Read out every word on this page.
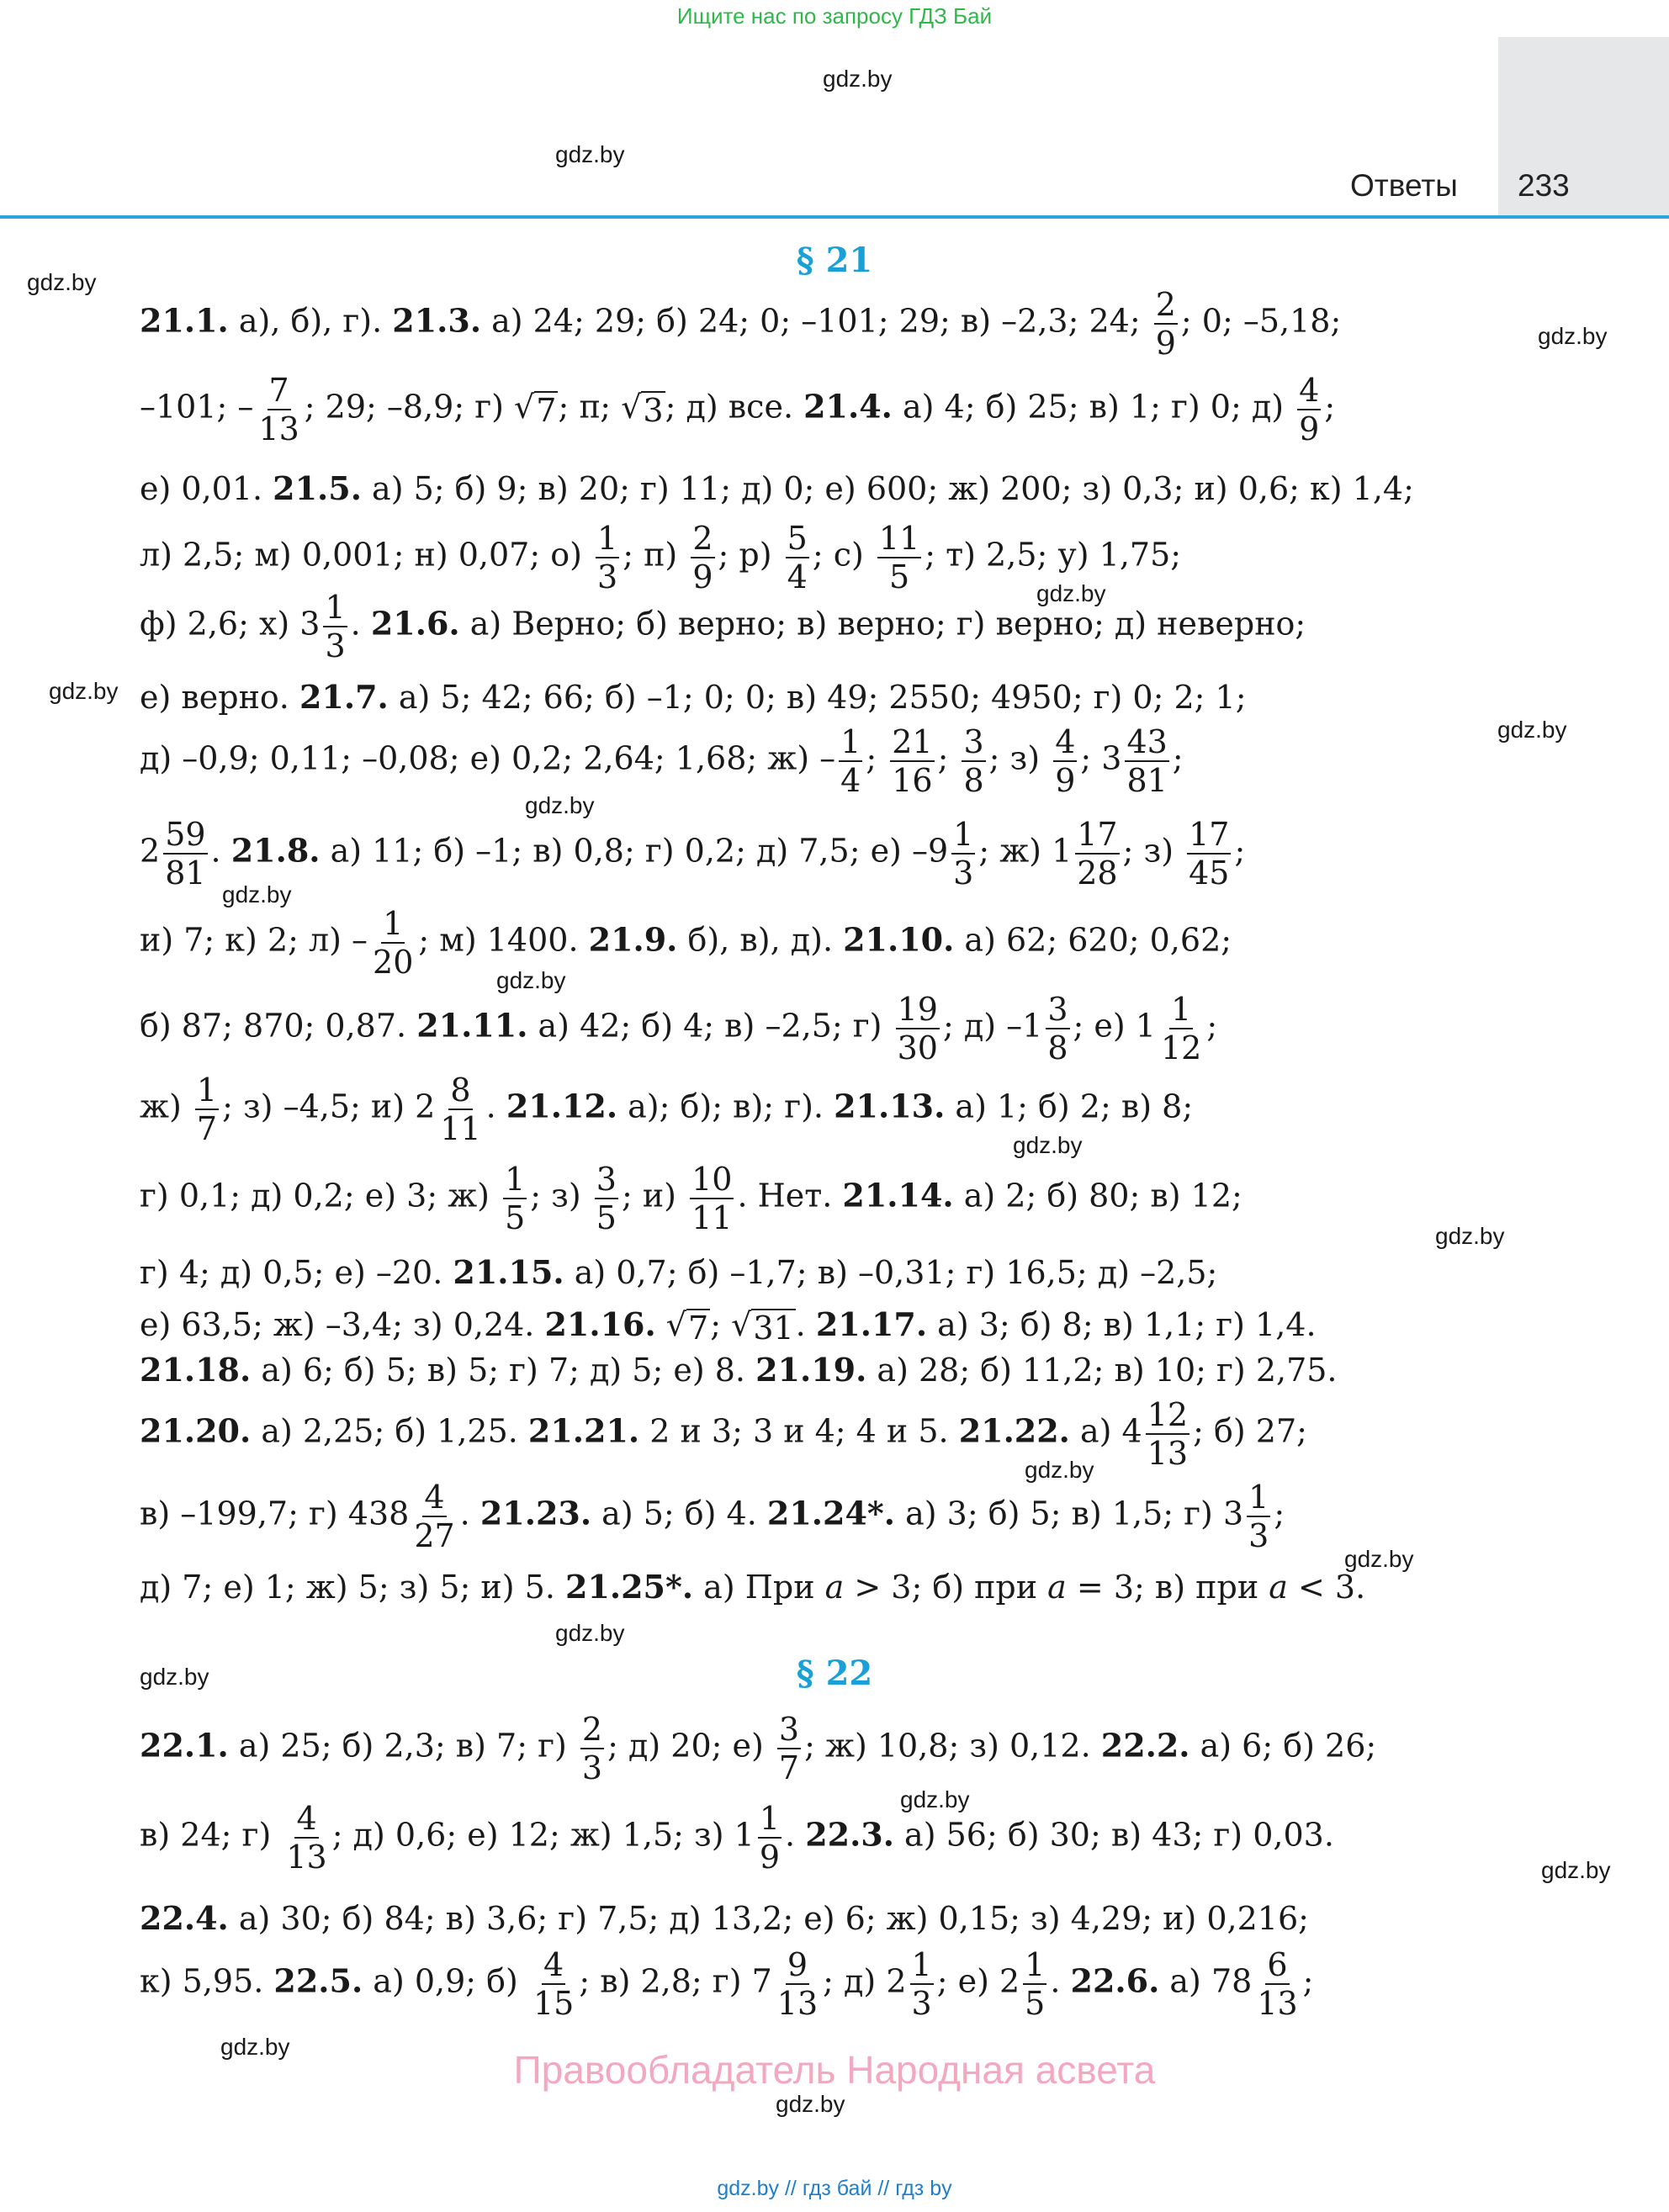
Ищите нас по запросу ГДЗ Бай
Ответы 233
gdz.by
gdz.by
gdz.by
gdz.by
gdz.by
gdz.by
gdz.by
gdz.by
gdz.by
gdz.by
gdz.by
gdz.by
gdz.by
gdz.by
gdz.by
gdz.by
gdz.by
gdz.by
gdz.by
gdz.by
§ 21
21.1. а), б), г). 21.3. а) 24; 29; б) 24; 0; –101; 29; в) –2,3; 24; $\frac{2}{9}$ ; 0; –5,18;
–101; – $\frac{7}{13}$ ; 29; –8,9; г) √ 7 ; π; √ 3 ; д) все. 21.4. а) 4; б) 25; в) 1; г) 0; $д) \frac{4}{9}$ ;
е) 0,01. 21.5. а) 5; б) 9; в) 20; г) 11; д) 0; е) 600; ж) 200; з) 0,3; и) 0,6; к) 1,4;
л) 2,5; м) 0,001; н) 0,07; $о) \frac{1}{3}$ ; $п) \frac{2}{9}$ ; $р) \frac{5}{4}$ ; $с) \frac{11}{5}$ ; т) 2,5; у) 1,75;
ф) 2,6; х) $3 \frac{1}{3}$ . 21.6. а) Верно; б) верно; в) верно; г) верно; д) неверно;
е) верно. 21.7. а) 5; 42; 66; б) –1; 0; 0; в) 49; 2550; 4950; г) 0; 2; 1;
д) –0,9; 0,11; –0,08; е) 0,2; 2,64; 1,68; $ж) - \frac{1}{4}$ ; $\frac{21}{16}$ ; $\frac{3}{8}$ ; $з) \frac{4}{9}$ ; $3 \frac{43}{81}$ ;
$2 \frac{59}{81}$ . 21.8. а) 11; б) –1; в) 0,8; г) 0,2; д) 7,5; е) $-9 \frac{1}{3}$ ; ж) $1 \frac{17}{28}$ ; $з) \frac{17}{45}$ ;
и) 7; к) 2; $л) - \frac{1}{20}$ ; м) 1400. 21.9. б), в), д). 21.10. а) 62; 620; 0,62;
б) 87; 870; 0,87. 21.11. а) 42; б) 4; в) –2,5; $г) \frac{19}{30}$ ; д) $-1 \frac{3}{8}$ ; е) $1 \frac{1}{12}$ ;
$ж) \frac{1}{7}$ ; з) –4,5; и) $2 \frac{8}{11}$ . 21.12. а); б); в); г). 21.13. а) 1; б) 2; в) 8;
г) 0,1; д) 0,2; е) 3; $ж) \frac{1}{5}$ ; $з) \frac{3}{5}$ ; $и) \frac{10}{11}$ . Нет. 21.14. а) 2; б) 80; в) 12;
г) 4; д) 0,5; е) –20. 21.15. а) 0,7; б) –1,7; в) –0,31; г) 16,5; д) –2,5;
е) 63,5; ж) –3,4; з) 0,24. 21.16. √ 7 ; √ 31 . 21.17. а) 3; б) 8; в) 1,1; г) 1,4.
21.18. а) 6; б) 5; в) 5; г) 7; д) 5; е) 8. 21.19. а) 28; б) 11,2; в) 10; г) 2,75.
21.20. а) 2,25; б) 1,25. 21.21. 2 и 3; 3 и 4; 4 и 5. 21.22. а) $4 \frac{12}{13}$ ; б) 27;
в) –199,7; г) $438 \frac{4}{27}$ . 21.23. а) 5; б) 4. 21.24*. а) 3; б) 5; в) 1,5; г) $3 \frac{1}{3}$ ;
д) 7; е) 1; ж) 5; з) 5; и) 5. 21.25*. а) При a > 3; б) при a = 3; в) при a < 3.
§ 22
22.1. а) 25; б) 2,3; в) 7; $г) \frac{2}{3}$ ; д) 20; $е) \frac{3}{7}$ ; ж) 10,8; з) 0,12. 22.2. а) 6; б) 26;
в) 24; $г) \frac{4}{13}$ ; д) 0,6; е) 12; ж) 1,5; з) $1 \frac{1}{9}$ . 22.3. а) 56; б) 30; в) 43; г) 0,03.
22.4. а) 30; б) 84; в) 3,6; г) 7,5; д) 13,2; е) 6; ж) 0,15; з) 4,29; и) 0,216;
к) 5,95. 22.5. а) 0,9; $б) \frac{4}{15}$ ; в) 2,8; г) $7 \frac{9}{13}$ ; д) $2 \frac{1}{3}$ ; е) $2 \frac{1}{5}$ . 22.6. а) $78 \frac{6}{13}$ ;
Правообладатель Народная асвета
gdz.by // гдз бай // гдз by
